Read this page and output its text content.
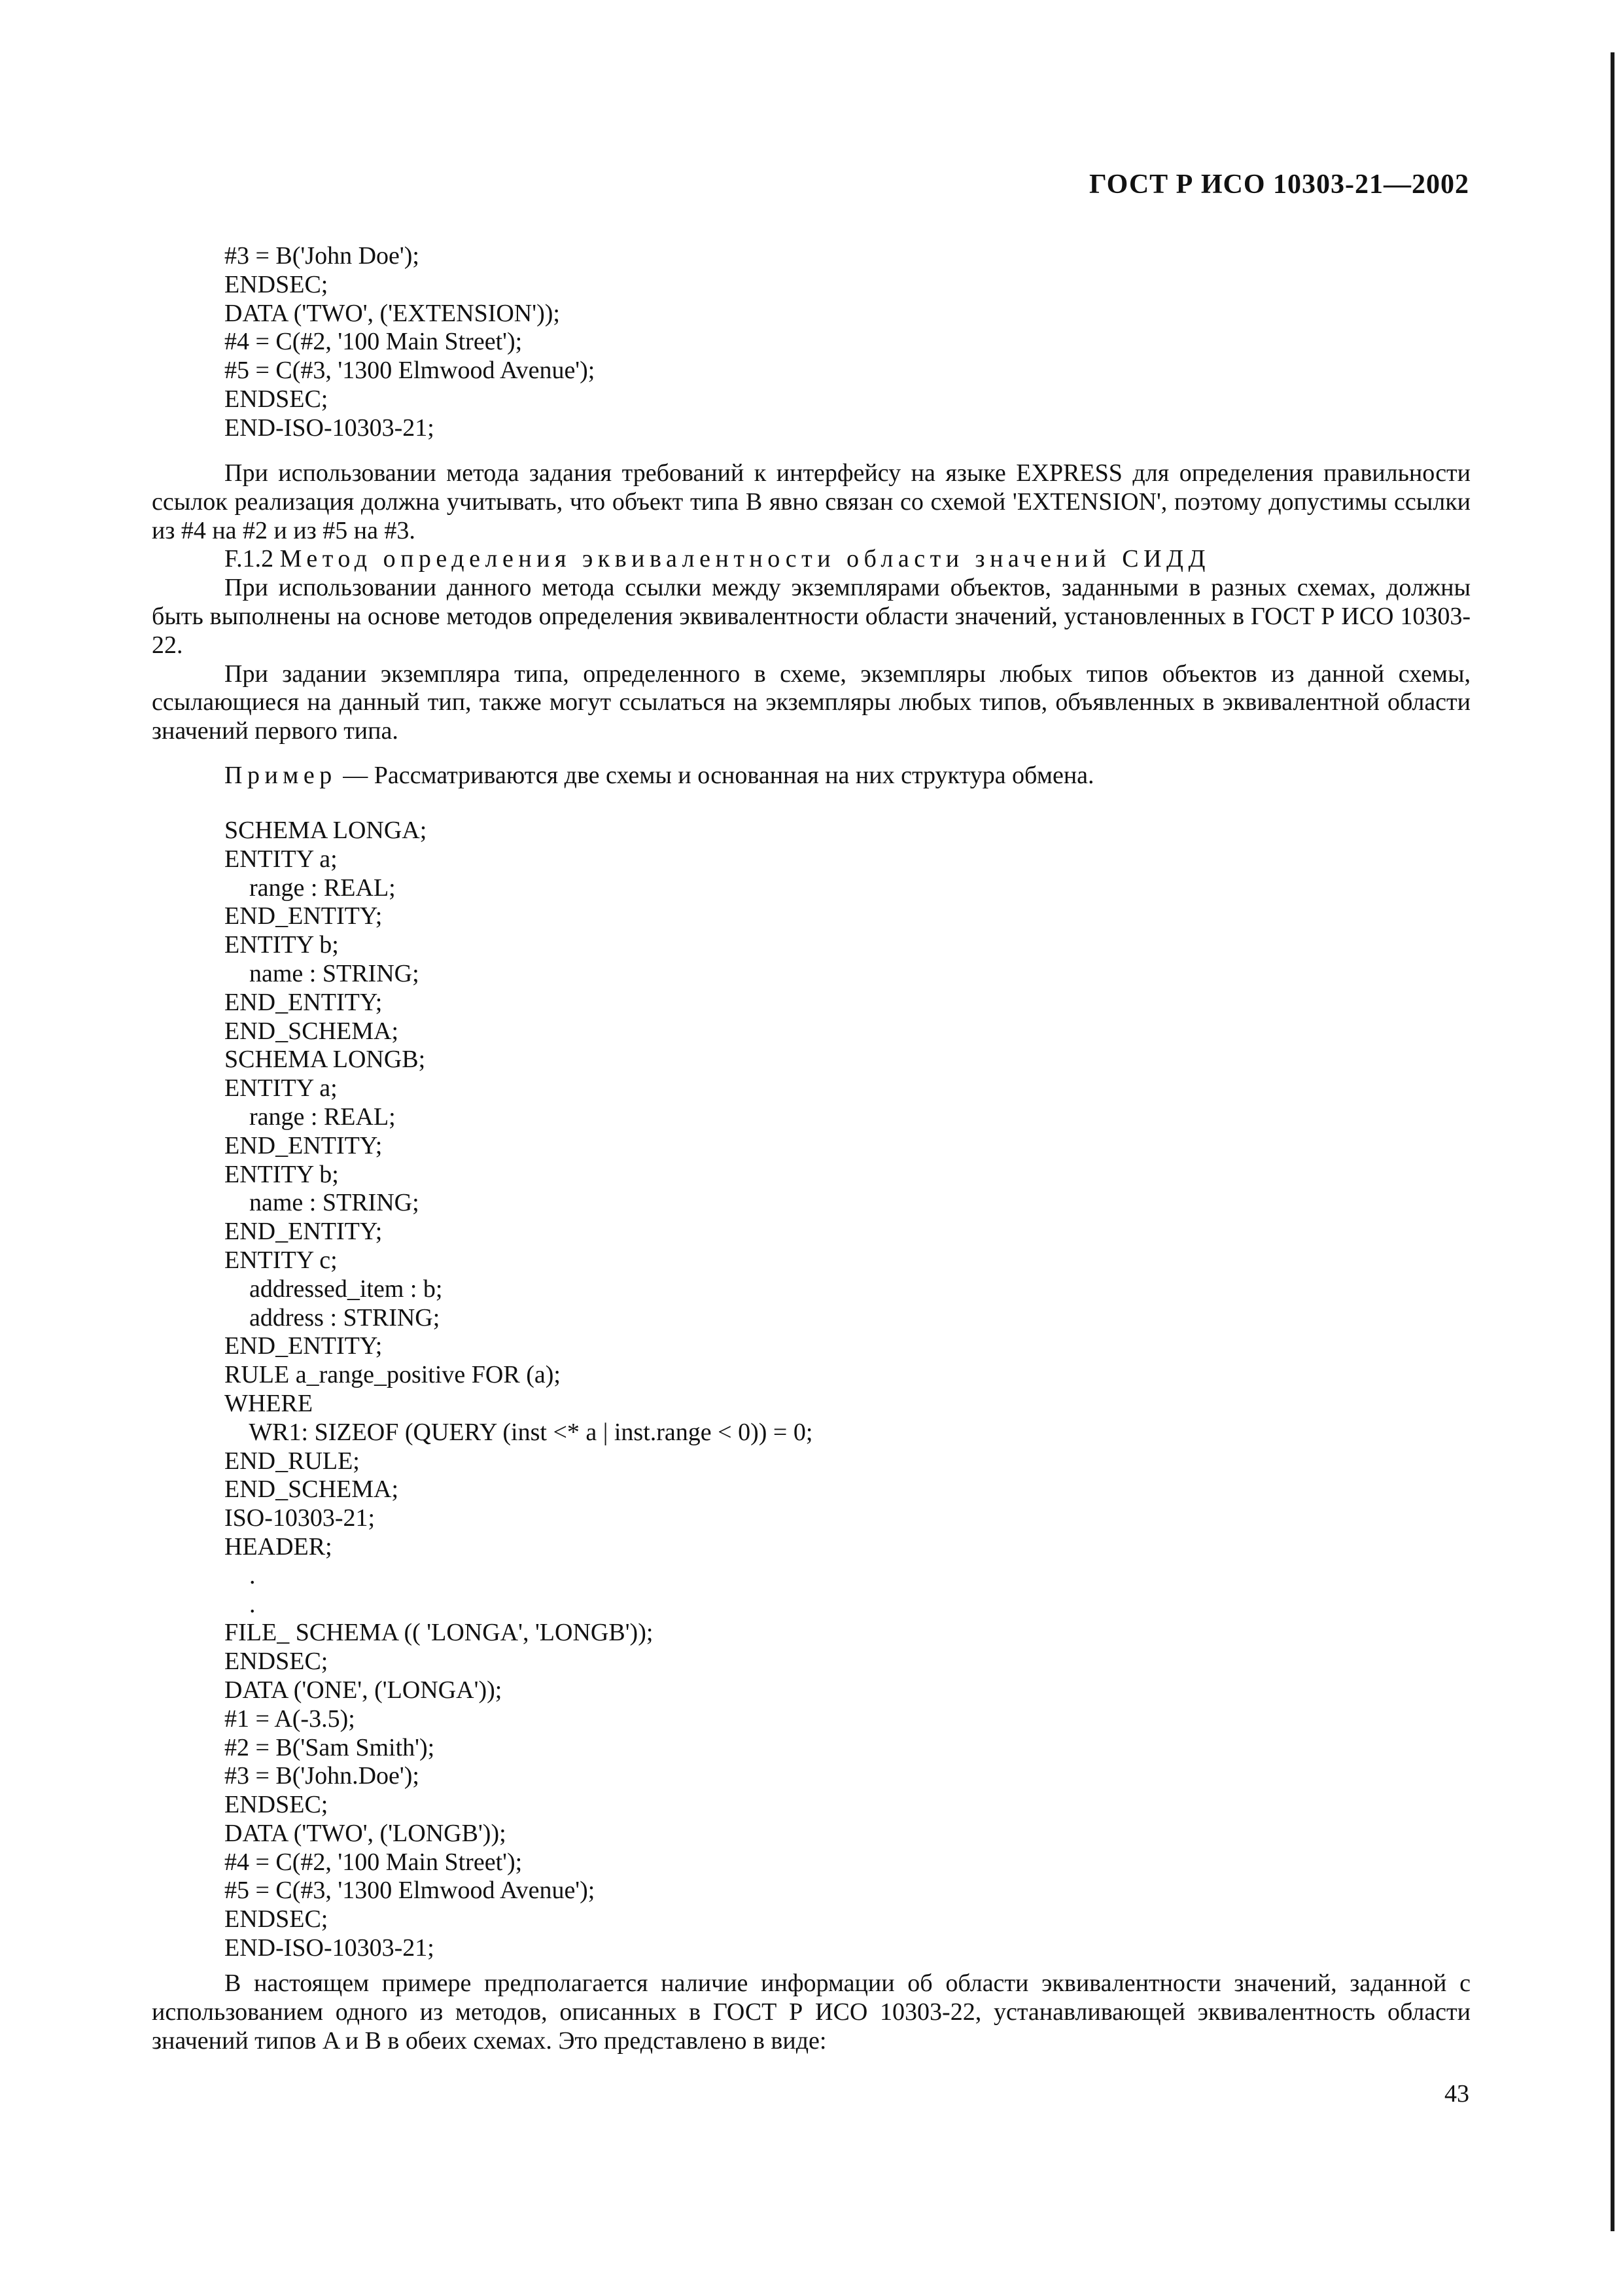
ГОСТ Р ИСО 10303-21—2002
#3 = B('John Doe');
ENDSEC;
DATA ('TWO', ('EXTENSION'));
#4 = C(#2, '100 Main Street');
#5 = C(#3, '1300 Elmwood Avenue');
ENDSEC;
END-ISO-10303-21;

При использовании метода задания требований к интерфейсу на языке EXPRESS для определения правильности ссылок реализация должна учитывать, что объект типа B явно связан со схемой 'EXTENSION', поэтому допустимы ссылки из #4 на #2 и из #5 на #3.

F.1.2 Метод определения эквивалентности области значений СИДД

При использовании данного метода ссылки между экземплярами объектов, заданными в разных схемах, должны быть выполнены на основе методов определения эквивалентности области значений, установленных в ГОСТ Р ИСО 10303-22.

При задании экземпляра типа, определенного в схеме, экземпляры любых типов объектов из данной схемы, ссылающиеся на данный тип, также могут ссылаться на экземпляры любых типов, объявленных в эквивалентной области значений первого типа.

Пример — Рассматриваются две схемы и основанная на них структура обмена.

SCHEMA LONGA;
ENTITY a;
range : REAL;
END_ENTITY;
ENTITY b;
name : STRING;
END_ENTITY;
END_SCHEMA;
SCHEMA LONGB;
ENTITY a;
range : REAL;
END_ENTITY;
ENTITY b;
name : STRING;
END_ENTITY;
ENTITY c;
addressed_item : b;
address : STRING;
END_ENTITY;
RULE a_range_positive FOR (a);
WHERE
WR1: SIZEOF (QUERY (inst <* a | inst.range < 0)) = 0;
END_RULE;
END_SCHEMA;
ISO-10303-21;
HEADER;
.
.
FILE_ SCHEMA (( 'LONGA', 'LONGB'));
ENDSEC;
DATA ('ONE', ('LONGA'));
#1 = A(-3.5);
#2 = B('Sam Smith');
#3 = B('John.Doe');
ENDSEC;
DATA ('TWO', ('LONGB'));
#4 = C(#2, '100 Main Street');
#5 = C(#3, '1300 Elmwood Avenue');
ENDSEC;
END-ISO-10303-21;

В настоящем примере предполагается наличие информации об области эквивалентности значений, заданной с использованием одного из методов, описанных в ГОСТ Р ИСО 10303-22, устанавливающей эквивалентность области значений типов A и B в обеих схемах. Это представлено в виде:

43
